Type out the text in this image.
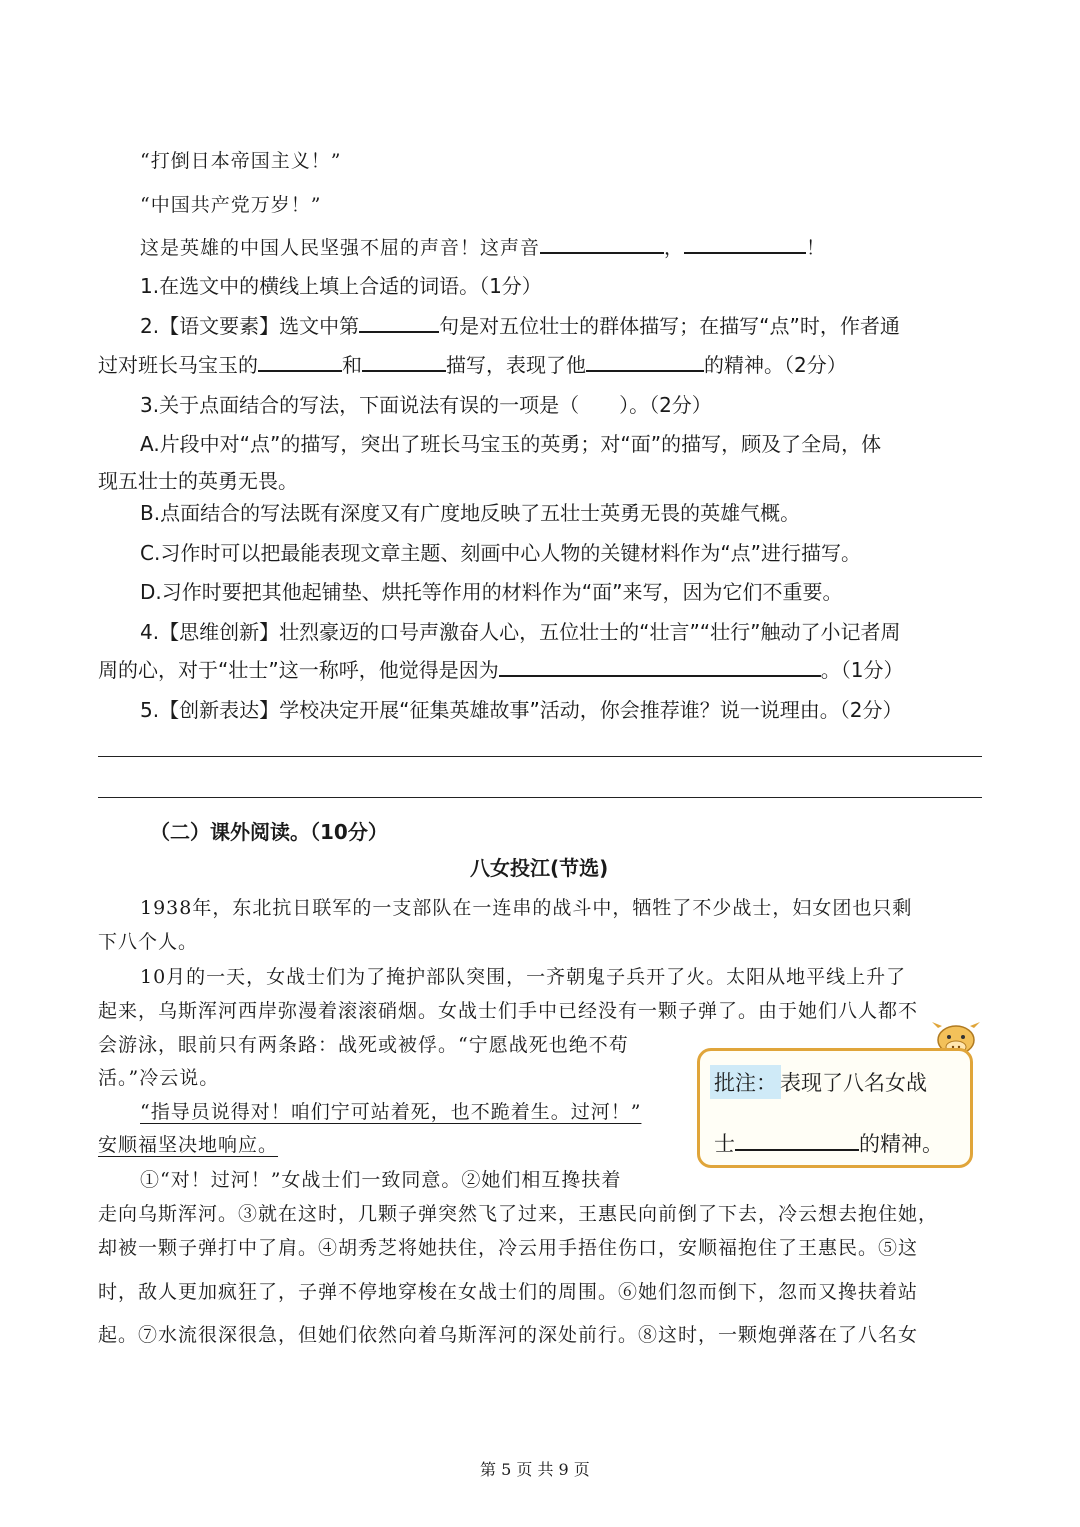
“打倒日本帝国主义！”
“中国共产党万岁！”
这是英雄的中国人民坚强不屈的声音！这声音	，	！
1.在选文中的横线上填上合适的词语。（1分）
2.【语文要素】选文中第	句是对五位壮士的群体描写；在描写“点”时，作者通
过对班长马宝玉的	和	描写，表现了他	的精神。（2分）
3.关于点面结合的写法，下面说法有误的一项是（　　）。（2分）
A.片段中对“点”的描写，突出了班长马宝玉的英勇；对“面”的描写，顾及了全局，体
现五壮士的英勇无畏。
B.点面结合的写法既有深度又有广度地反映了五壮士英勇无畏的英雄气概。
C.习作时可以把最能表现文章主题、刻画中心人物的关键材料作为“点”进行描写。
D.习作时要把其他起铺垫、烘托等作用的材料作为“面”来写，因为它们不重要。
4.【思维创新】壮烈豪迈的口号声激奋人心，五位壮士的“壮言”“壮行”触动了小记者周
周的心，对于“壮士”这一称呼，他觉得是因为	。（1分）
5.【创新表达】学校决定开展“征集英雄故事”活动，你会推荐谁？说一说理由。（2分）
（二）课外阅读。（10分）
八女投江(节选)
1938年，东北抗日联军的一支部队在一连串的战斗中，牺牲了不少战士，妇女团也只剩
下八个人。
10月的一天，女战士们为了掩护部队突围，一齐朝鬼子兵开了火。太阳从地平线上升了
起来，乌斯浑河西岸弥漫着滚滚硝烟。女战士们手中已经没有一颗子弹了。由于她们八人都不
会游泳，眼前只有两条路：战死或被俘。“宁愿战死也绝不苟
活。”冷云说。
“指导员说得对！咱们宁可站着死，也不跪着生。过河！”
安顺福坚决地响应。
①“对！过河！”女战士们一致同意。②她们相互搀扶着
走向乌斯浑河。③就在这时，几颗子弹突然飞了过来，王惠民向前倒了下去，冷云想去抱住她，
却被一颗子弹打中了肩。④胡秀芝将她扶住，冷云用手捂住伤口，安顺福抱住了王惠民。⑤这
时，敌人更加疯狂了，子弹不停地穿梭在女战士们的周围。⑥她们忽而倒下，忽而又搀扶着站
起。⑦水流很深很急，但她们依然向着乌斯浑河的深处前行。⑧这时，一颗炮弹落在了八名女
批注： 表现了八名女战
士	的精神。
第 5 页 共 9 页
